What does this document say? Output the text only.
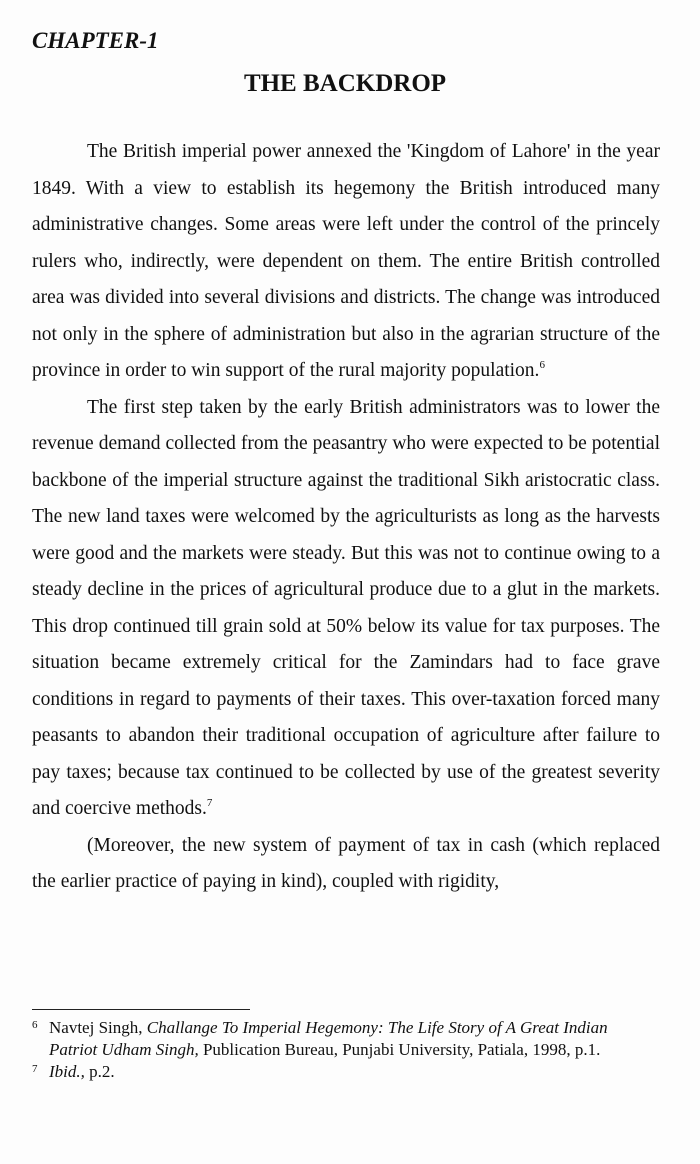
CHAPTER-1
THE BACKDROP

The British imperial power annexed the 'Kingdom of Lahore' in the year 1849. With a view to establish its hegemony the British introduced many administrative changes. Some areas were left under the control of the princely rulers who, indirectly, were dependent on them. The entire British controlled area was divided into several divisions and districts. The change was introduced not only in the sphere of administration but also in the agrarian structure of the province in order to win support of the rural majority population.$^6$

The first step taken by the early British administrators was to lower the revenue demand collected from the peasantry who were expected to be potential backbone of the imperial structure against the traditional Sikh aristocratic class. The new land taxes were welcomed by the agriculturists as long as the harvests were good and the markets were steady. But this was not to continue owing to a steady decline in the prices of agricultural produce due to a glut in the markets. This drop continued till grain sold at 50% below its value for tax purposes. The situation became extremely critical for the Zamindars had to face grave conditions in regard to payments of their taxes. This over-taxation forced many peasants to abandon their traditional occupation of agriculture after failure to pay taxes; because tax continued to be collected by use of the greatest severity and coercive methods.$^7$

(Moreover, the new system of payment of tax in cash (which replaced the earlier practice of paying in kind), coupled with rigidity,

6 Navtej Singh, Challange To Imperial Hegemony: The Life Story of A Great Indian Patriot Udham Singh, Publication Bureau, Punjabi University, Patiala, 1998, p.1.
7 Ibid., p.2.
